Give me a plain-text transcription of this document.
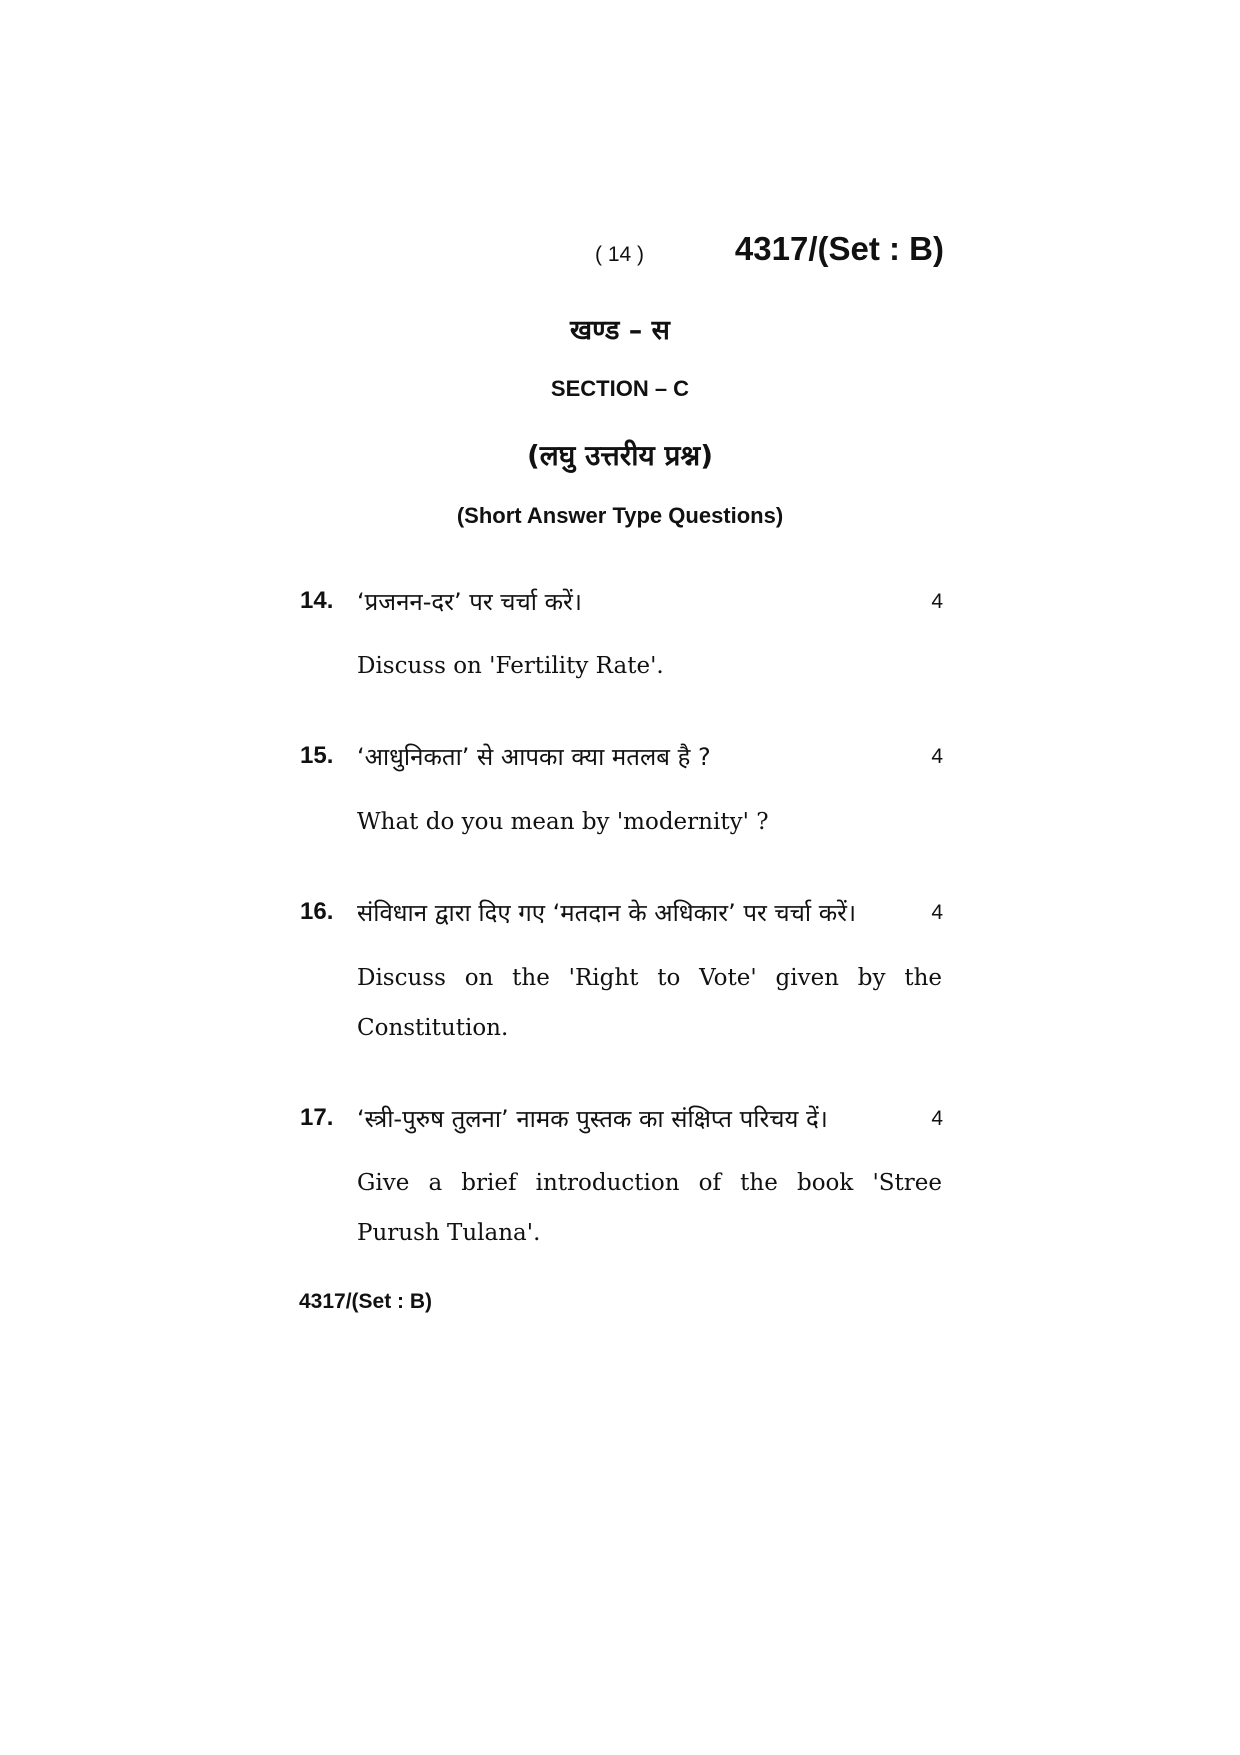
( 14 )	4317/(Set : B)
खण्ड – स
SECTION – C
(लघु उत्तरीय प्रश्न)
(Short Answer Type Questions)
14. ‘प्रजनन-दर’ पर चर्चा करें।	4
Discuss on 'Fertility Rate'.
15. ‘आधुनिकता’ से आपका क्या मतलब है ?	4
What do you mean by 'modernity' ?
16. संविधान द्वारा दिए गए ‘मतदान के अधिकार’ पर चर्चा करें।	4
Discuss on the 'Right to Vote' given by the Constitution.
17. ‘स्त्री-पुरुष तुलना’ नामक पुस्तक का संक्षिप्त परिचय दें।	4
Give a brief introduction of the book 'Stree Purush Tulana'.
4317/(Set : B)
